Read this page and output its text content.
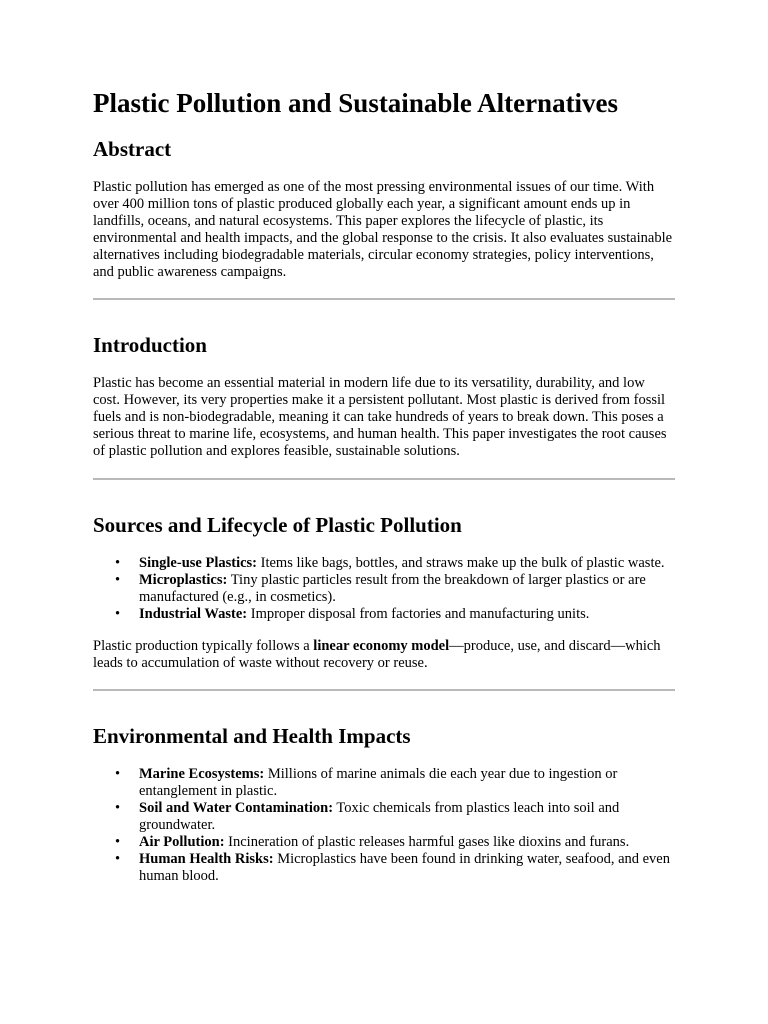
Plastic Pollution and Sustainable Alternatives
Abstract

Plastic pollution has emerged as one of the most pressing environmental issues of our time. With over 400 million tons of plastic produced globally each year, a significant amount ends up in landfills, oceans, and natural ecosystems. This paper explores the lifecycle of plastic, its environmental and health impacts, and the global response to the crisis. It also evaluates sustainable alternatives including biodegradable materials, circular economy strategies, policy interventions, and public awareness campaigns.

Introduction

Plastic has become an essential material in modern life due to its versatility, durability, and low cost. However, its very properties make it a persistent pollutant. Most plastic is derived from fossil fuels and is non-biodegradable, meaning it can take hundreds of years to break down. This poses a serious threat to marine life, ecosystems, and human health. This paper investigates the root causes of plastic pollution and explores feasible, sustainable solutions.

Sources and Lifecycle of Plastic Pollution
• Single-use Plastics: Items like bags, bottles, and straws make up the bulk of plastic waste.
• Microplastics: Tiny plastic particles result from the breakdown of larger plastics or are manufactured (e.g., in cosmetics).
• Industrial Waste: Improper disposal from factories and manufacturing units.

Plastic production typically follows a linear economy model—produce, use, and discard—which leads to accumulation of waste without recovery or reuse.

Environmental and Health Impacts
• Marine Ecosystems: Millions of marine animals die each year due to ingestion or entanglement in plastic.
• Soil and Water Contamination: Toxic chemicals from plastics leach into soil and groundwater.
• Air Pollution: Incineration of plastic releases harmful gases like dioxins and furans.
• Human Health Risks: Microplastics have been found in drinking water, seafood, and even human blood.
